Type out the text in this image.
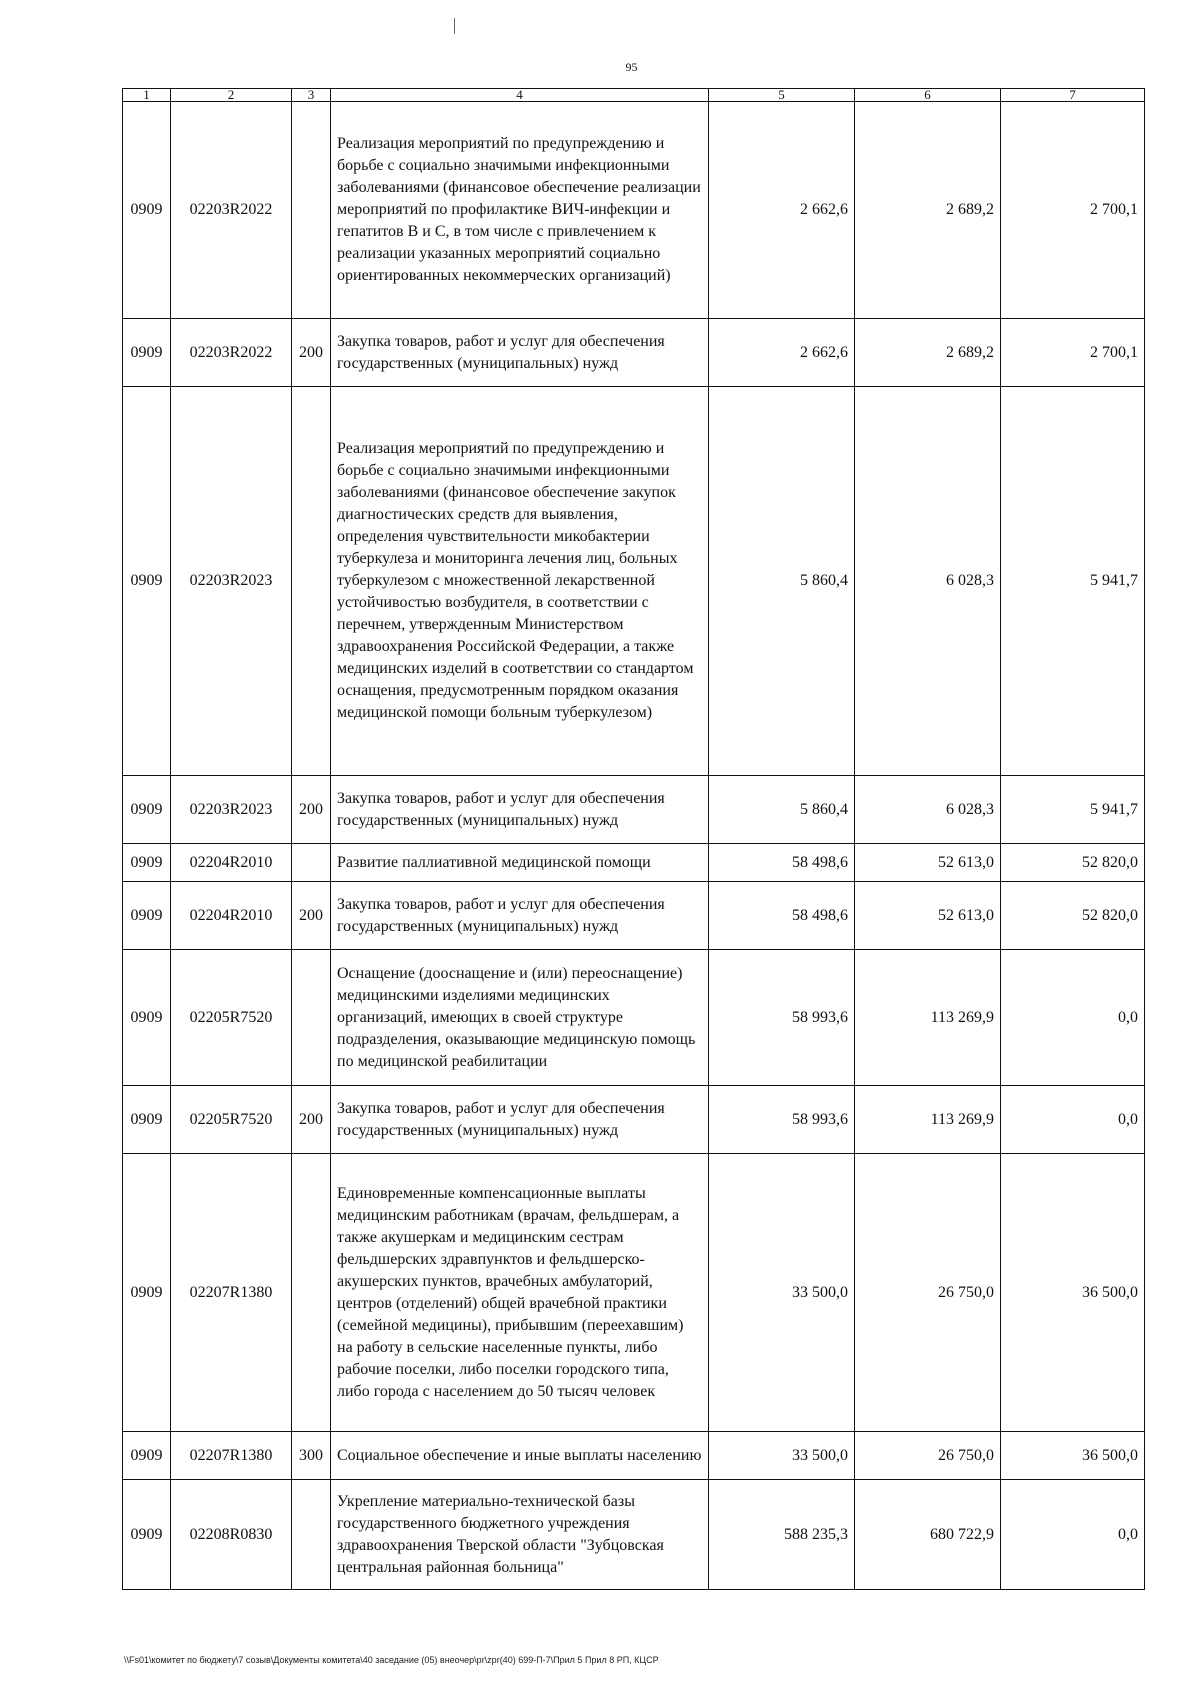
95
1	2	3	4	5	6	7
0909	02203R2022		Реализация мероприятий по предупреждению и борьбе с социально значимыми инфекционными заболеваниями (финансовое обеспечение реализации мероприятий по профилактике ВИЧ-инфекции и гепатитов В и С, в том числе с привлечением к реализации указанных мероприятий социально ориентированных некоммерческих организаций)	2 662,6	2 689,2	2 700,1
0909	02203R2022	200	Закупка товаров, работ и услуг для обеспечения государственных (муниципальных) нужд	2 662,6	2 689,2	2 700,1
0909	02203R2023		Реализация мероприятий по предупреждению и борьбе с социально значимыми инфекционными заболеваниями (финансовое обеспечение закупок диагностических средств для выявления, определения чувствительности микобактерии туберкулеза и мониторинга лечения лиц, больных туберкулезом с множественной лекарственной устойчивостью возбудителя, в соответствии с перечнем, утвержденным Министерством здравоохранения Российской Федерации, а также медицинских изделий в соответствии со стандартом оснащения, предусмотренным порядком оказания медицинской помощи больным туберкулезом)	5 860,4	6 028,3	5 941,7
0909	02203R2023	200	Закупка товаров, работ и услуг для обеспечения государственных (муниципальных) нужд	5 860,4	6 028,3	5 941,7
0909	02204R2010		Развитие паллиативной медицинской помощи	58 498,6	52 613,0	52 820,0
0909	02204R2010	200	Закупка товаров, работ и услуг для обеспечения государственных (муниципальных) нужд	58 498,6	52 613,0	52 820,0
0909	02205R7520		Оснащение (дооснащение и (или) переоснащение) медицинскими изделиями медицинских организаций, имеющих в своей структуре подразделения, оказывающие медицинскую помощь по медицинской реабилитации	58 993,6	113 269,9	0,0
0909	02205R7520	200	Закупка товаров, работ и услуг для обеспечения государственных (муниципальных) нужд	58 993,6	113 269,9	0,0
0909	02207R1380		Единовременные компенсационные выплаты медицинским работникам (врачам, фельдшерам, а также акушеркам и медицинским сестрам фельдшерских здравпунктов и фельдшерско-акушерских пунктов, врачебных амбулаторий, центров (отделений) общей врачебной практики (семейной медицины), прибывшим (переехавшим) на работу в сельские населенные пункты, либо рабочие поселки, либо поселки городского типа, либо города с населением до 50 тысяч человек	33 500,0	26 750,0	36 500,0
0909	02207R1380	300	Социальное обеспечение и иные выплаты населению	33 500,0	26 750,0	36 500,0
0909	02208R0830		Укрепление материально-технической базы государственного бюджетного учреждения здравоохранения Тверской области "Зубцовская центральная районная больница"	588 235,3	680 722,9	0,0
\\Fs01\комитет по бюджету\7 созыв\Документы комитета\40 заседание (05) внеочер\pr\zpr(40) 699-П-7\Прил 5 Прил 8 РП, КЦСР
